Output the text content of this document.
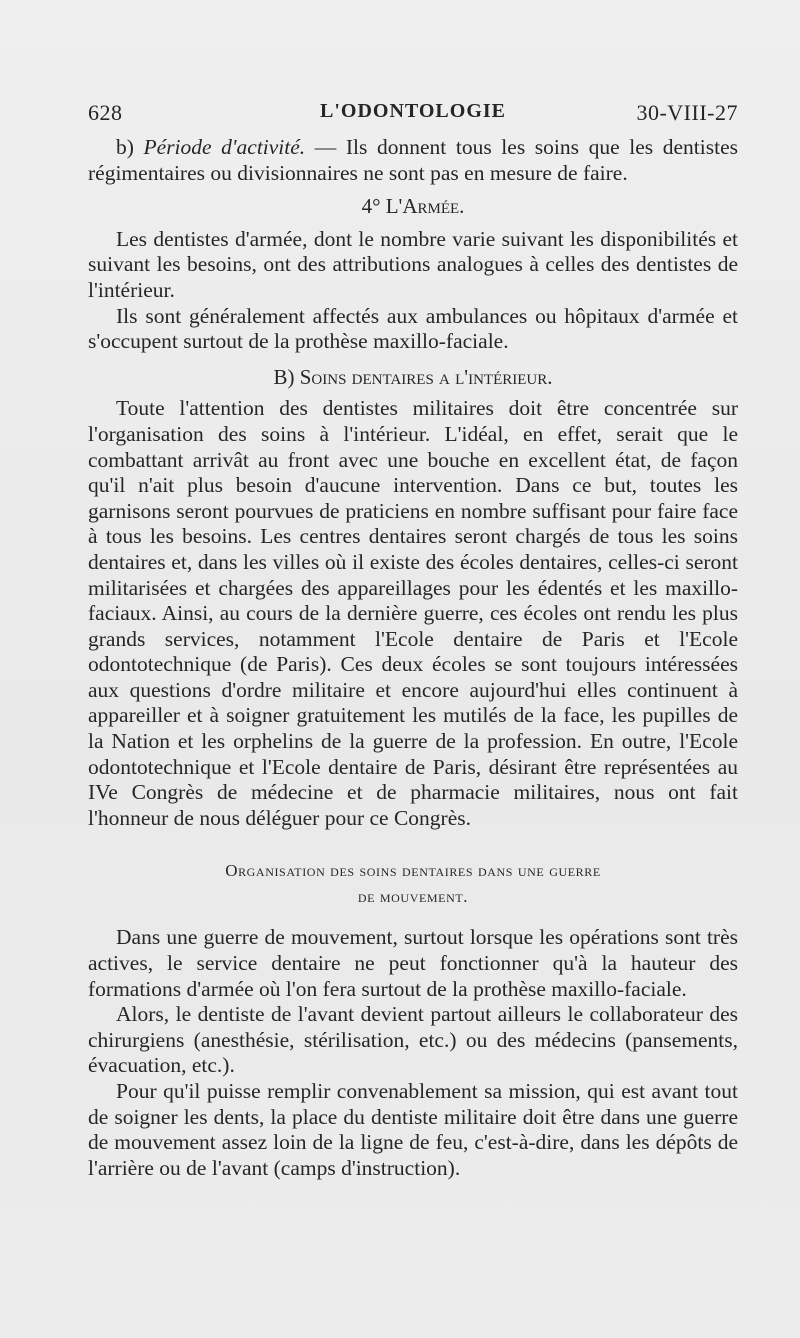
628	L'ODONTOLOGIE	30-VIII-27

b) Période d'activité. — Ils donnent tous les soins que les dentistes régimentaires ou divisionnaires ne sont pas en mesure de faire.

4° L'Armée.

Les dentistes d'armée, dont le nombre varie suivant les disponibilités et suivant les besoins, ont des attributions analogues à celles des dentistes de l'intérieur.

Ils sont généralement affectés aux ambulances ou hôpitaux d'armée et s'occupent surtout de la prothèse maxillo-faciale.

B) Soins dentaires a l'intérieur.

Toute l'attention des dentistes militaires doit être concentrée sur l'organisation des soins à l'intérieur. L'idéal, en effet, serait que le combattant arrivât au front avec une bouche en excellent état, de façon qu'il n'ait plus besoin d'aucune intervention. Dans ce but, toutes les garnisons seront pourvues de praticiens en nombre suffisant pour faire face à tous les besoins. Les centres dentaires seront chargés de tous les soins dentaires et, dans les villes où il existe des écoles dentaires, celles-ci seront militarisées et chargées des appareillages pour les édentés et les maxillo-faciaux. Ainsi, au cours de la dernière guerre, ces écoles ont rendu les plus grands services, notamment l'Ecole dentaire de Paris et l'Ecole odontotechnique (de Paris). Ces deux écoles se sont toujours intéressées aux questions d'ordre militaire et encore aujourd'hui elles continuent à appareiller et à soigner gratuitement les mutilés de la face, les pupilles de la Nation et les orphelins de la guerre de la profession. En outre, l'Ecole odontotechnique et l'Ecole dentaire de Paris, désirant être représentées au IVe Congrès de médecine et de pharmacie militaires, nous ont fait l'honneur de nous déléguer pour ce Congrès.

Organisation des soins dentaires dans une guerre
de mouvement.

Dans une guerre de mouvement, surtout lorsque les opérations sont très actives, le service dentaire ne peut fonctionner qu'à la hauteur des formations d'armée où l'on fera surtout de la prothèse maxillo-faciale.

Alors, le dentiste de l'avant devient partout ailleurs le collaborateur des chirurgiens (anesthésie, stérilisation, etc.) ou des médecins (pansements, évacuation, etc.).

Pour qu'il puisse remplir convenablement sa mission, qui est avant tout de soigner les dents, la place du dentiste militaire doit être dans une guerre de mouvement assez loin de la ligne de feu, c'est-à-dire, dans les dépôts de l'arrière ou de l'avant (camps d'instruction).
